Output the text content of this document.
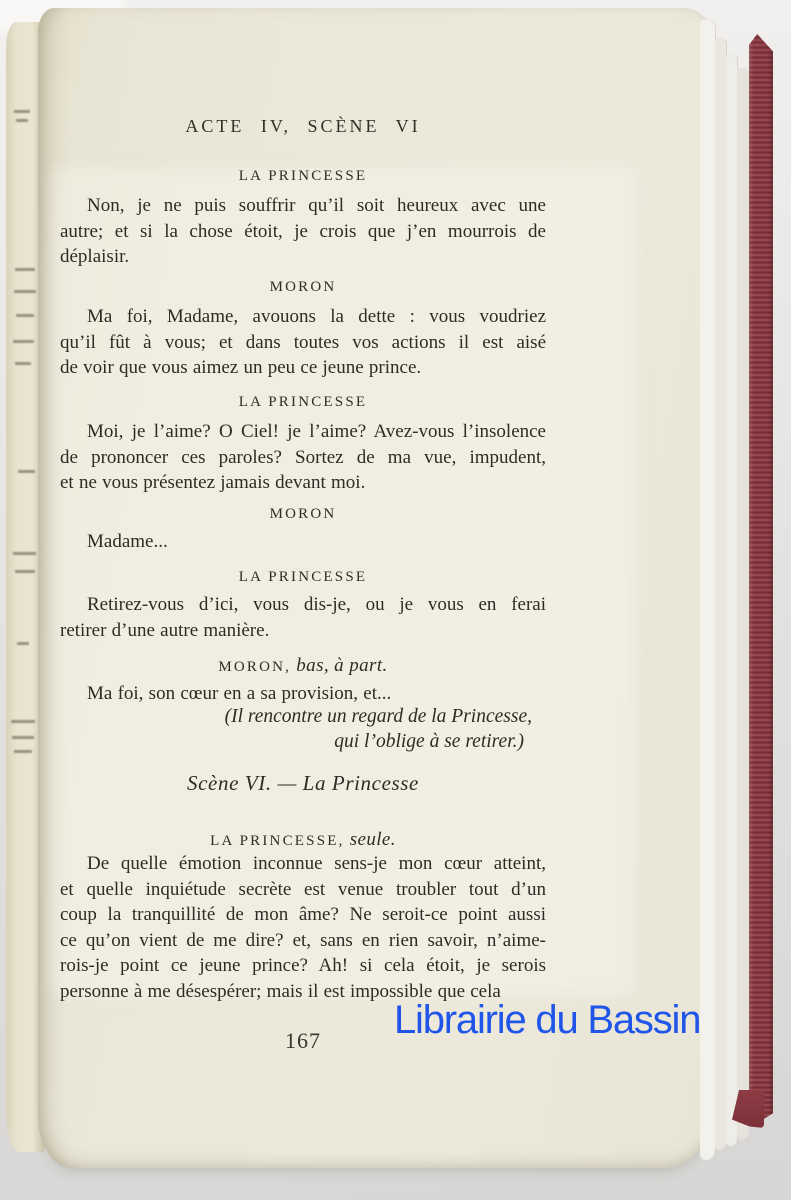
ACTE IV, SCÈNE VI
LA PRINCESSE
Non, je ne puis souffrir qu’il soit heureux avec une
autre; et si la chose étoit, je crois que j’en mourrois de
déplaisir.
MORON
Ma foi, Madame, avouons la dette : vous voudriez
qu’il fût à vous; et dans toutes vos actions il est aisé
de voir que vous aimez un peu ce jeune prince.
LA PRINCESSE
Moi, je l’aime? O Ciel! je l’aime? Avez-vous l’insolence
de prononcer ces paroles? Sortez de ma vue, impudent,
et ne vous présentez jamais devant moi.
MORON
Madame...
LA PRINCESSE
Retirez-vous d’ici, vous dis-je, ou je vous en ferai
retirer d’une autre manière.
MORON, bas, à part.
Ma foi, son cœur en a sa provision, et...
(Il rencontre un regard de la Princesse,
qui l’oblige à se retirer.)
Scène VI. — La Princesse
LA PRINCESSE, seule.
De quelle émotion inconnue sens-je mon cœur atteint,
et quelle inquiétude secrète est venue troubler tout d’un
coup la tranquillité de mon âme? Ne seroit-ce point aussi
ce qu’on vient de me dire? et, sans en rien savoir, n’aime-
rois-je point ce jeune prince? Ah! si cela étoit, je serois
personne à me désespérer; mais il est impossible que cela
167	Librairie du Bassin
